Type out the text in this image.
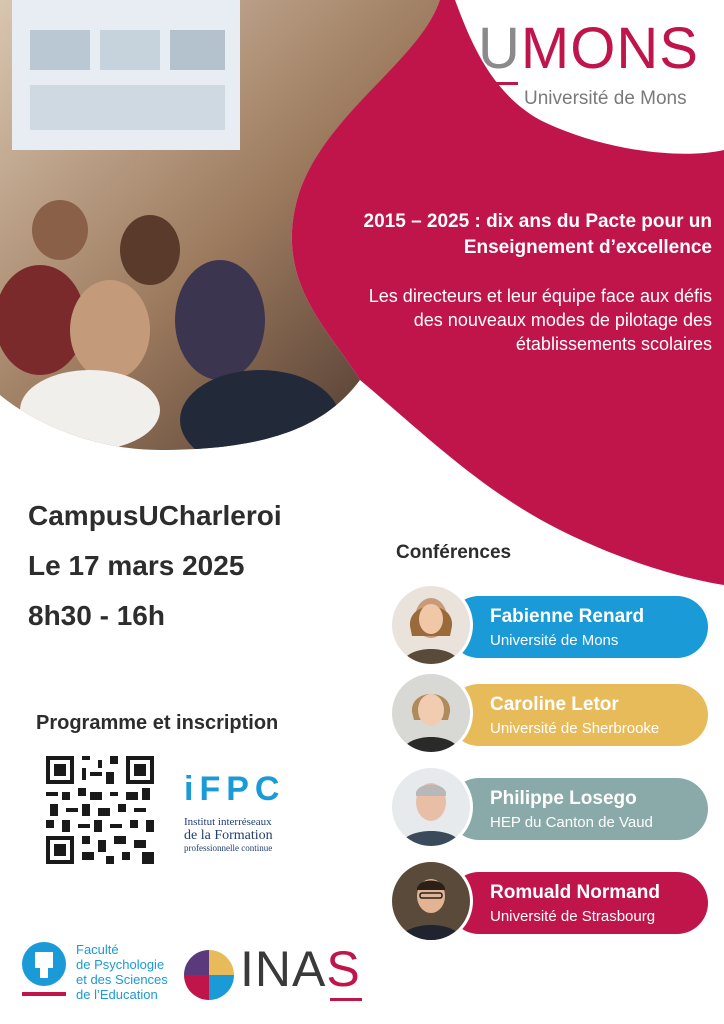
UMONS
Université de Mons
2015 – 2025 : dix ans du Pacte pour un
Enseignement d’excellence
Les directeurs et leur équipe face aux défis
des nouveaux modes de pilotage des
établissements scolaires
CampusUCharleroi
Le 17 mars 2025
8h30 - 16h
Conférences
Fabienne Renard
Université de Mons
Caroline Letor
Université de Sherbrooke
Philippe Losego
HEP du Canton de Vaud
Romuald Normand
Université de Strasbourg
Programme et inscription
iFPC
Institut interréseaux
de la Formation
professionnelle continue
Faculté
de Psychologie
et des Sciences
de l’Education INAS
